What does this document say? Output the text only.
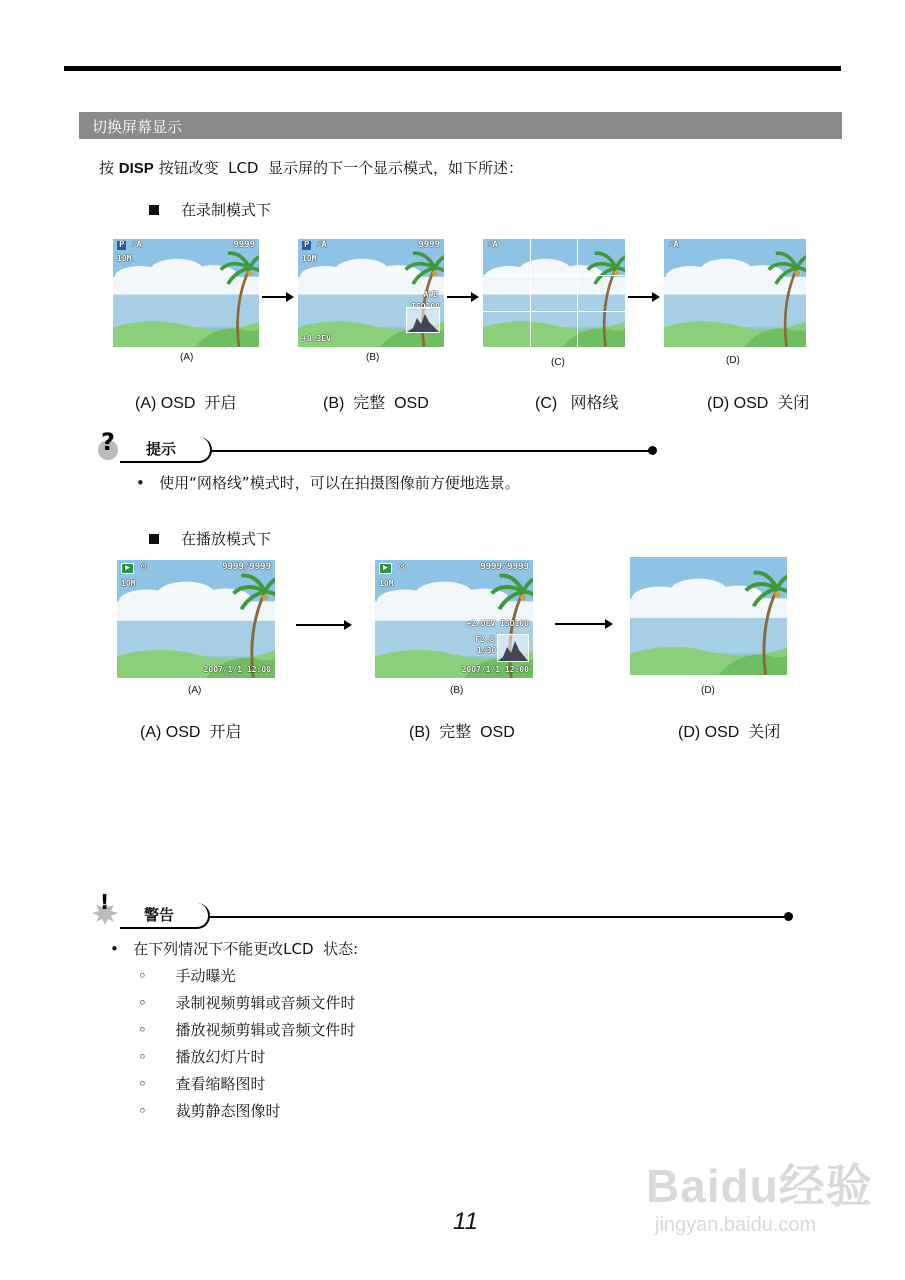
切换屏幕显示
按 DISP 按钮改变  LCD  显示屏的下一个显示模式，如下所述：
在录制模式下
P ⚡A	9999
10M
(A)
P ⚡A	9999
10M
AWB
+0.3EV
(B)
⚡A
(C)
⚡A
(D)
(A) OSD  开启	(B)  完整  OSD	(C)   网格线	(D) OSD  关闭
? 提示
•   使用“网格线”模式时，可以在拍摄图像前方便地选景。
在播放模式下
▶	⊙	9999/9999
10M
2007/1/1 12:00
(A)
▶	⊙	9999/9999
10M
+2.0EV ISO100
F2.8
1/30
2007/1/1 12:00
(B)	(D)
(A) OSD  开启	(B)  完整  OSD	(D) OSD  关闭
!
警告
•   在下列情况下不能更改LCD  状态:
◦      手动曝光
◦      录制视频剪辑或音频文件时
◦      播放视频剪辑或音频文件时
◦      播放幻灯片时
◦      查看缩略图时
◦      裁剪静态图像时
Baidu经验
jingyan.baidu.com
11
